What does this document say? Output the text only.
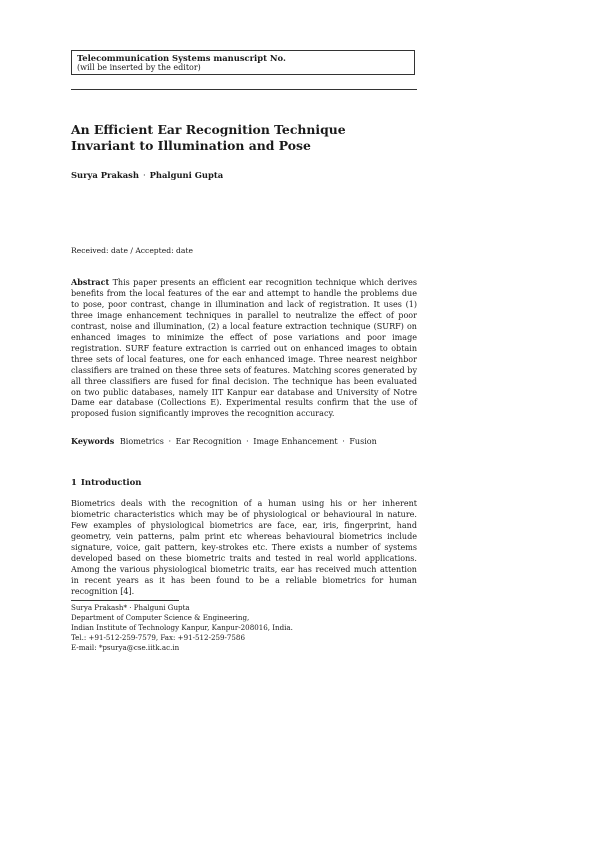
Telecommunication Systems manuscript No.
(will be inserted by the editor)
An Efficient Ear Recognition Technique Invariant to Illumination and Pose
Surya Prakash · Phalguni Gupta
Received: date / Accepted: date
Abstract This paper presents an efficient ear recognition technique which derives benefits from the local features of the ear and attempt to handle the problems due to pose, poor contrast, change in illumination and lack of registration. It uses (1) three image enhancement techniques in parallel to neutralize the effect of poor contrast, noise and illumination, (2) a local feature extraction technique (SURF) on enhanced images to minimize the effect of pose variations and poor image registration. SURF feature extraction is carried out on enhanced images to obtain three sets of local features, one for each enhanced image. Three nearest neighbor classifiers are trained on these three sets of features. Matching scores generated by all three classifiers are fused for final decision. The technique has been evaluated on two public databases, namely IIT Kanpur ear database and University of Notre Dame ear database (Collections E). Experimental results confirm that the use of proposed fusion significantly improves the recognition accuracy.
Keywords Biometrics · Ear Recognition · Image Enhancement · Fusion
1 Introduction
Biometrics deals with the recognition of a human using his or her inherent biometric characteristics which may be of physiological or behavioural in nature. Few examples of physiological biometrics are face, ear, iris, fingerprint, hand geometry, vein patterns, palm print etc whereas behavioural biometrics include signature, voice, gait pattern, key-strokes etc. There exists a number of systems developed based on these biometric traits and tested in real world applications. Among the various physiological biometric traits, ear has received much attention in recent years as it has been found to be a reliable biometrics for human recognition [4].
Surya Prakash* · Phalguni Gupta
Department of Computer Science & Engineering,
Indian Institute of Technology Kanpur, Kanpur-208016, India.
Tel.: +91-512-259-7579, Fax: +91-512-259-7586
E-mail: *psurya@cse.iitk.ac.in
